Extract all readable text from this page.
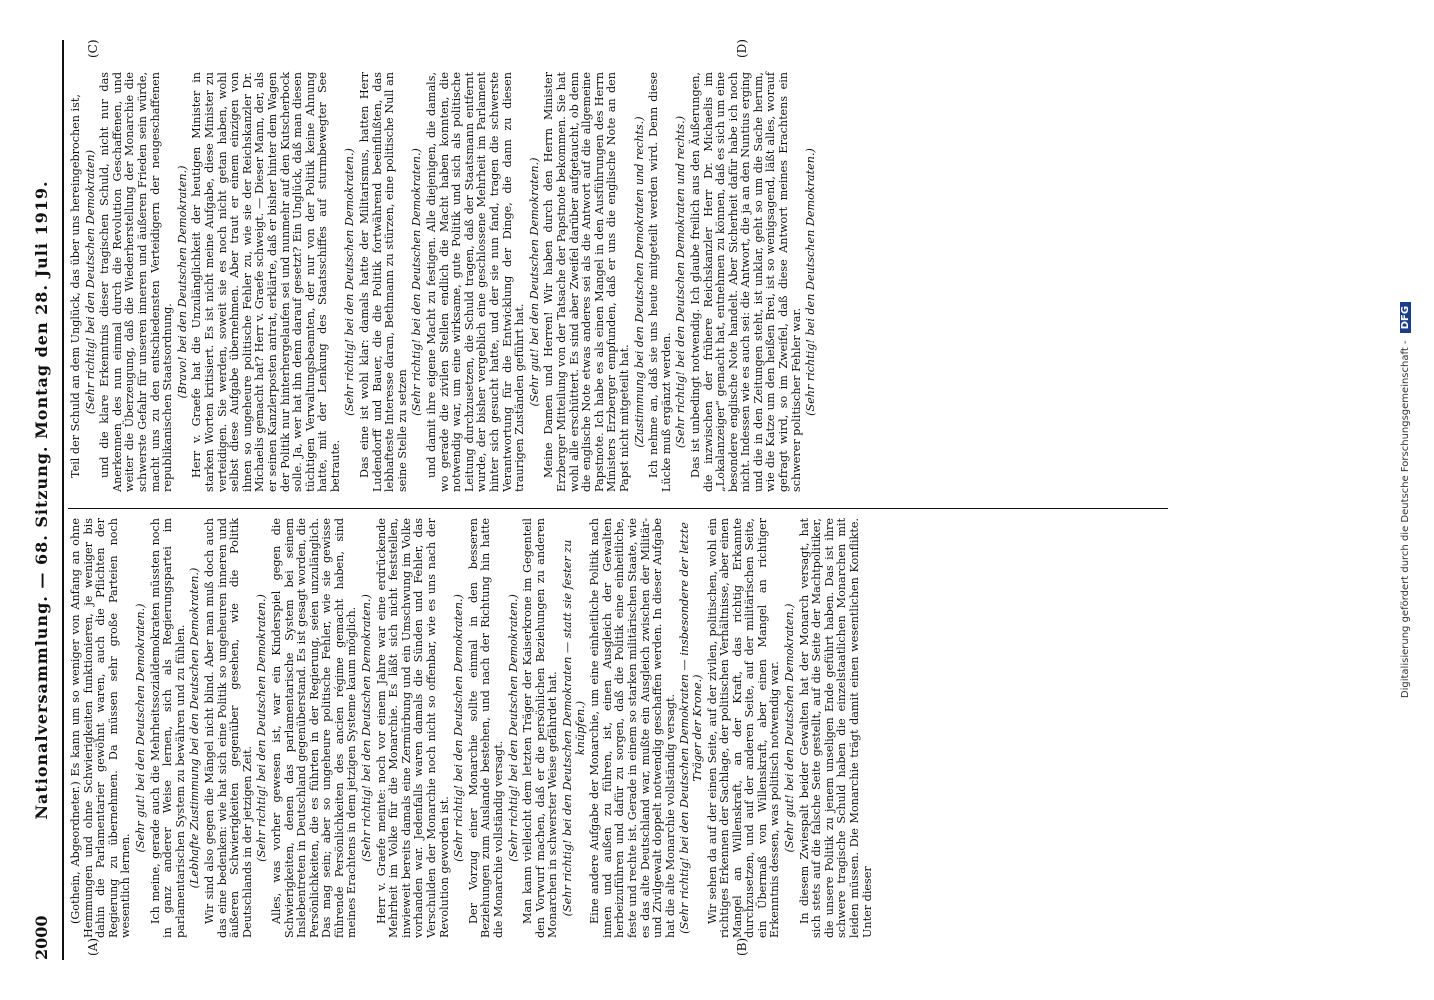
2000
Nationalversammlung. — 68. Sitzung. Montag den 28. Juli 1919.
(A)	(B)
(C)	(D)

(Gothein, Abgeordneter.) Es kann um so weniger von Anfang an ohne Hemmungen und ohne Schwierigkeiten funktionieren, je weniger bis dahin die Parlamentarier gewöhnt waren, auch die Pflichten der Regierung zu übernehmen. Da müssen sehr große Parteien noch wesentlich lernen.

(Sehr gut! bei den Deutschen Demokraten.) Ich meine, gerade auch die Mehrheitssozialdemokraten müssten noch in ganz anderer Weise lernen, sich als Regierungspartei im parlamentarischen System zu bewähren und zu fühlen. (Lebhafte Zustimmung bei den Deutschen Demokraten.) Wir sind also gegen die Mängel nicht blind. Aber man muß doch auch das eine bedenken: wie hat sich eine Politik so ungeheuren inneren und äußeren Schwierigkeiten gegenüber gesehen, wie die Politik Deutschlands in der jetzigen Zeit. (Sehr richtig! bei den Deutschen Demokraten.) Alles, was vorher gewesen ist, war ein Kinderspiel gegen die Schwierigkeiten, denen das parlamentarische System bei seinem Inslebentreten in Deutschland gegenüberstand. Es ist gesagt worden, die Persönlichkeiten, die es führten in der Regierung, seien unzulänglich. Das mag sein; aber so ungeheure politische Fehler, wie sie gewisse führende Persönlichkeiten des ancien régime gemacht haben, sind meines Erachtens in dem jetzigen Systeme kaum möglich. (Sehr richtig! bei den Deutschen Demokraten.) Herr v. Graefe meinte: noch vor einem Jahre war eine erdrückende Mehrheit im Volke für die Monarchie. Es läßt sich nicht feststellen, inwieweit bereits damals eine Zermürbung und ein Umschwung im Volke vorhanden war. Jedenfalls waren damals die Sünden und Fehler, das Verschulden der Monarchie noch nicht so offenbar, wie es uns nach der Revolution geworden ist.

(Sehr richtig! bei den Deutschen Demokraten.) Der Vorzug einer Monarchie sollte einmal in den besseren Beziehungen zum Auslande bestehen, und nach der Richtung hin hatte die Monarchie vollständig versagt. (Sehr richtig! bei den Deutschen Demokraten.) Man kann vielleicht dem letzten Träger der Kaiserkrone im Gegenteil den Vorwurf machen, daß er die persönlichen Beziehungen zu anderen Monarchen in schwerster Weise gefährdet hat. (Sehr richtig! bei den Deutschen Demokraten — statt sie fester zu knüpfen.) Eine andere Aufgabe der Monarchie, um eine einheitliche Politik nach innen und außen zu führen, ist, einen Ausgleich der Gewalten herbeizuführen und dafür zu sorgen, daß die Politik eine einheitliche, feste und rechte ist. Gerade in einem so starken militärischen Staate, wie es das alte Deutschland war, mußte ein Ausgleich zwischen der Militär- und Zivilgewalt doppelt notwendig geschaffen werden. In dieser Aufgabe hat die alte Monarchie vollständig versagt. (Sehr richtig! bei den Deutschen Demokraten — insbesondere der letzte Träger der Krone.) Wir sehen da auf der einen Seite, auf der zivilen, politischen, wohl ein richtiges Erkennen der Sachlage, der politischen Verhältnisse, aber einen Mangel an Willenskraft, an der Kraft, das richtig Erkannte durchzusetzen, und auf der anderen Seite, auf der militärischen Seite, ein Übermaß von Willenskraft, aber einen Mangel an richtiger Erkenntnis dessen, was politisch notwendig war. (Sehr gut! bei den Deutschen Demokraten.) In diesem Zwiespalt beider Gewalten hat der Monarch versagt, hat sich stets auf die falsche Seite gestellt, auf die Seite der Machtpolitiker, die unsere Politik zu jenem unseligen Ende geführt haben. Das ist ihre schwere tragische Schuld haben die einzelstaatlichen Monarchen mit leiden müssen. Die Monarchie trägt damit einen wesentlichen Konflikte. Unter dieser

Teil der Schuld an dem Unglück, das über uns hereingebrochen ist, (Sehr richtig! bei den Deutschen Demokraten) und die klare Erkenntnis dieser tragischen Schuld, nicht nur das Anerkennen des nun einmal durch die Revolution Geschaffenen, und weiter die Überzeugung, daß die Wiederherstellung der Monarchie die schwerste Gefahr für unseren inneren und äußeren Frieden sein würde, macht uns zu den entschiedensten Verteidigern der neugeschaffenen republikanischen Staatsordnung. (Bravo! bei den Deutschen Demokraten.) Herr v. Graefe hat die Unzulänglichkeit der heutigen Minister in starken Worten kritisiert. Es ist nicht meine Aufgabe, diese Minister zu verteidigen. Sie werden, soweit sie es noch nicht getan haben, wohl selbst diese Aufgabe übernehmen. Aber traut er einem einzigen von ihnen so ungeheure politische Fehler zu, wie sie der Reichskanzler Dr. Michaelis gemacht hat? Herr v. Graefe schweigt. — Dieser Mann, der, als er seinen Kanzlerposten antrat, erklärte, daß er bisher hinter dem Wagen der Politik nur hinterhergelaufen sei und nunmehr auf den Kutscherbock solle. Ja, wer hat ihn denn darauf gesetzt? Ein Unglück, daß man diesen tüchtigen Verwaltungsbeamten, der nur von der Politik keine Ahnung hatte, mit der Lenkung des Staatsschiffes auf sturmbewegter See betraute.

(Sehr richtig! bei den Deutschen Demokraten.) Das eine ist wohl klar: damals hatte der Militarismus, hatten Herr Ludendorff und Bauer, die die Politik fortwährend beeinflußten, das lebhafteste Interesse daran, Bethmann zu stürzen, eine politische Null an seine Stelle zu setzen

(Sehr richtig! bei den Deutschen Demokraten.) und damit ihre eigene Macht zu festigen. Alle diejenigen, die damals, wo gerade die zivilen Stellen endlich die Macht haben konnten, die notwendig war, um eine wirksame, gute Politik und sich als politische Leitung durchzusetzen, die Schuld tragen, daß der Staatsmann entfernt wurde, der bisher vergeblich eine geschlossene Mehrheit im Parlament hinter sich gesucht hatte, und der sie nun fand, tragen die schwerste Verantwortung für die Entwicklung der Dinge, die dann zu diesen traurigen Zuständen geführt hat. (Sehr gut! bei den Deutschen Demokraten.) Meine Damen und Herren! Wir haben durch den Herrn Minister Erzberger Mitteilung von der Tatsache der Papstnote bekommen. Sie hat wohl alle erschüttert. Es sind aber Zweifel darüber aufgetaucht, ob denn die englische Note etwas anderes sei als die Antwort auf die allgemeine Papstnote. Ich habe es als einen Mangel in den Ausführungen des Herrn Ministers Erzberger empfunden, daß er uns die englische Note an den Papst nicht mitgeteilt hat. (Zustimmung bei den Deutschen Demokraten und rechts.) Ich nehme an, daß sie uns heute mitgeteilt werden wird. Denn diese Lücke muß ergänzt werden. (Sehr richtig! bei den Deutschen Demokraten und rechts.) Das ist unbedingt notwendig. Ich glaube freilich aus den Äußerungen, die inzwischen der frühere Reichskanzler Herr Dr. Michaelis im „Lokalanzeiger“ gemacht hat, entnehmen zu können, daß es sich um eine besondere englische Note handelt. Aber Sicherheit dafür habe ich noch nicht. Indessen wie es auch sei: die Antwort, die ja an den Nuntius erging und die in den Zeitungen steht, ist unklar, geht so um die Sache herum, wie die Katze um den heißen Brei, ist so wenigsagend, läßt alles, worauf gefragt wird, so im Zweifel, daß diese Antwort meines Erachtens ein schwerer politischer Fehler war. (Sehr richtig! bei den Deutschen Demokraten.)

Digitalisierung gefördert durch die Deutsche Forschungsgemeinschaft - DFG
